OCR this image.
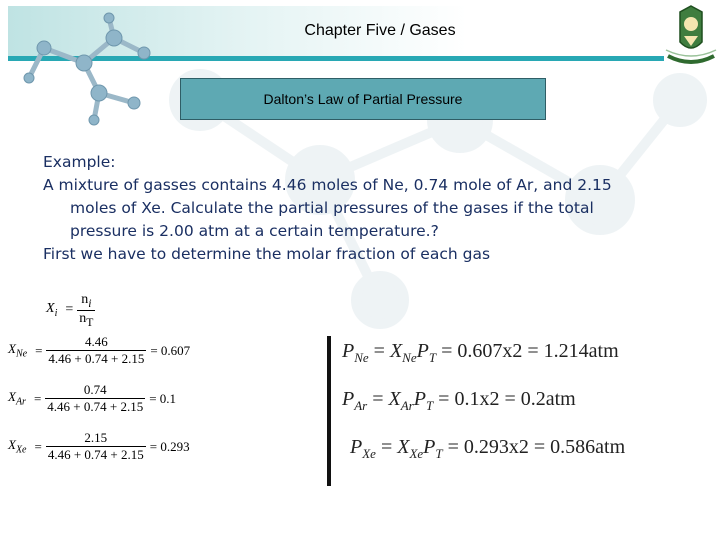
Chapter Five / Gases
Dalton’s Law of Partial Pressure

Example:

A mixture of gasses contains 4.46 moles of Ne, 0.74 mole of Ar, and 2.15

moles of Xe. Calculate the partial pressures of the gases if the total

pressure is 2.00 atm at a certain temperature.?

First we have to determine the molar fraction of each gas

$X_i = \frac{n_i}{n_T}$
$X_{Ne} = \frac{4.46}{4.46 + 0.74 + 2.15} = 0.607$
$X_{Ar} = \frac{0.74}{4.46 + 0.74 + 2.15} = 0.1$
$X_{Xe} = \frac{2.15}{4.46 + 0.74 + 2.15} = 0.293$
$P_{Ne} = X_{Ne}P_T = 0.607x2 = 1.214atm$
$P_{Ar} = X_{Ar}P_T = 0.1x2 = 0.2atm$
$P_{Xe} = X_{Xe}P_T = 0.293x2 = 0.586atm$
